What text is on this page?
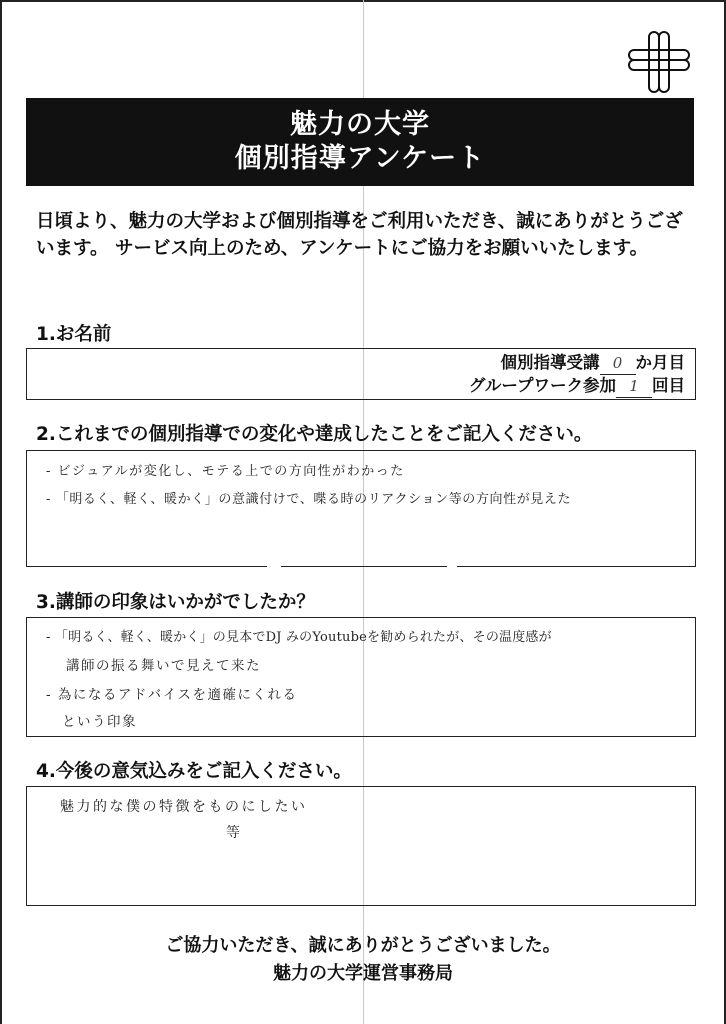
魅力の大学
個別指導アンケート
日頃より、魅力の大学および個別指導をご利用いただき、誠にありがとうございます。 サービス向上のため、アンケートにご協力をお願いいたします。
1.お名前
個別指導受講 0 か月目
グループワーク参加 1 回目
2.これまでの個別指導での変化や達成したことをご記入ください。
- ビジュアルが変化し、モテる上での方向性がわかった
- 「明るく、軽く、暖かく」の意識付けで、喋る時のリアクション等の方向性が見えた
3.講師の印象はいかがでしたか？
- 「明るく、軽く、暖かく」の見本でDJ みのYoutubeを勧められたが、その温度感が
講師の振る舞いで見えて来た
- 為になるアドバイスを適確にくれる
という印象
4.今後の意気込みをご記入ください。
魅力的な僕の特徴をものにしたい
等
ご協力いただき、誠にありがとうございました。
魅力の大学運営事務局
